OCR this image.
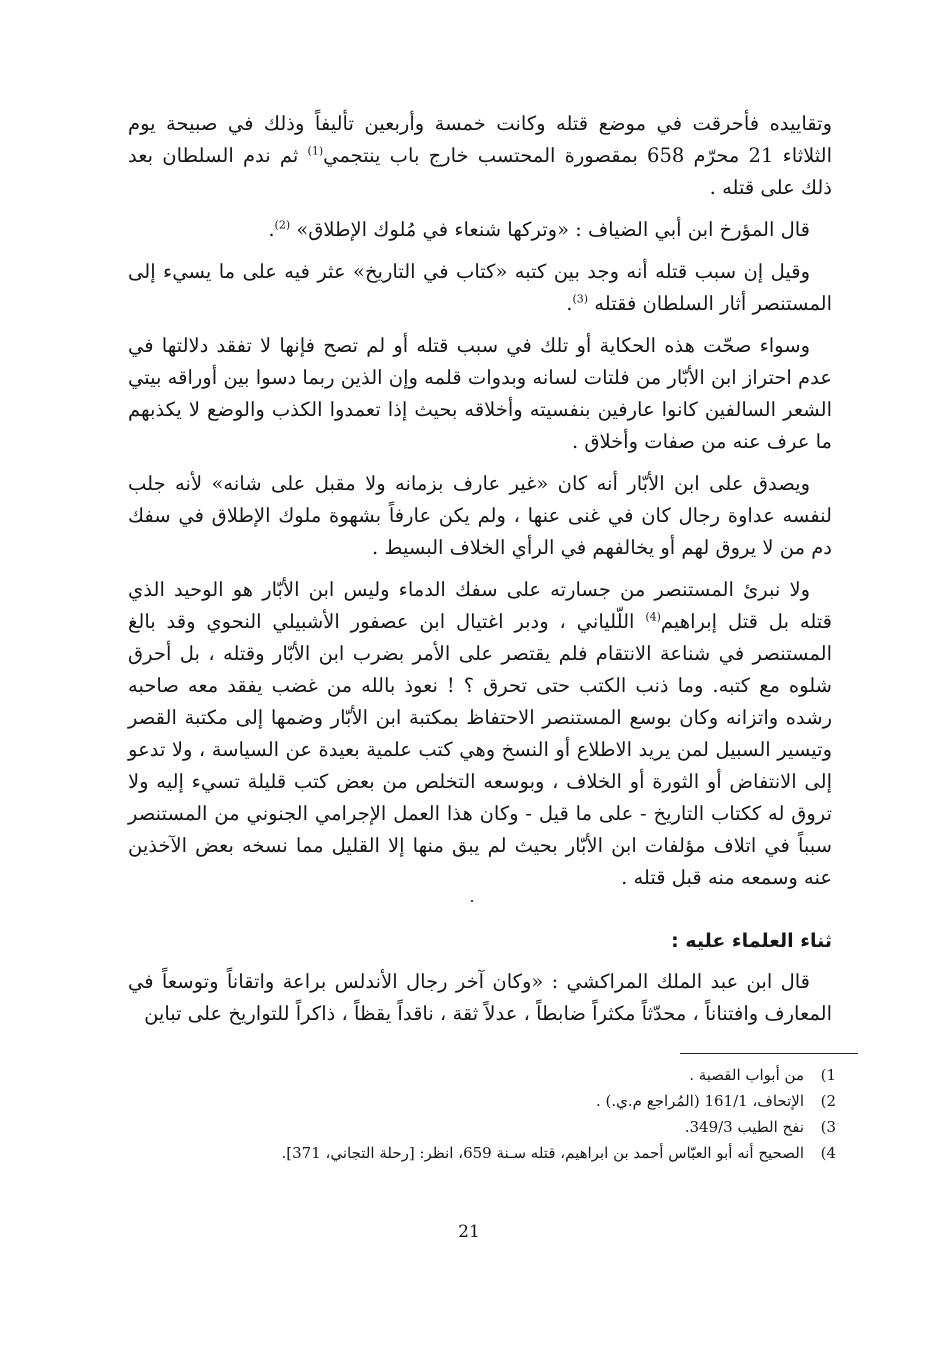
وتقاييده فأحرقت في موضع قتله وكانت خمسة وأربعين تأليفاً وذلك في صبيحة يوم الثلاثاء 21 محرّم 658 بمقصورة المحتسب خارج باب ينتجمي$^{(1)}$ ثم ندم السلطان بعد ذلك على قتله .

قال المؤرخ ابن أبي الضياف : «وتركها شنعاء في مُلوك الإطلاق» $^{(2)}$.

وقيل إن سبب قتله أنه وجد بين كتبه «كتاب في التاريخ» عثر فيه على ما يسيء إلى المستنصر أثار السلطان فقتله $^{(3)}$.

وسواء صحّت هذه الحكاية أو تلك في سبب قتله أو لم تصح فإنها لا تفقد دلالتها في عدم احتراز ابن الأبّار من فلتات لسانه وبدوات قلمه وإن الذين ربما دسوا بين أوراقه بيتي الشعر السالفين كانوا عارفين بنفسيته وأخلاقه بحيث إذا تعمدوا الكذب والوضع لا يكذبهم ما عرف عنه من صفات وأخلاق .

ويصدق على ابن الأبّار أنه كان «غير عارف بزمانه ولا مقبل على شانه» لأنه جلب لنفسه عداوة رجال كان في غنى عنها ، ولم يكن عارفاً بشهوة ملوك الإطلاق في سفك دم من لا يروق لهم أو يخالفهم في الرأي الخلاف البسيط .

ولا نبرئ المستنصر من جسارته على سفك الدماء وليس ابن الأبّار هو الوحيد الذي قتله بل قتل إبراهيم$^{(4)}$ اللّلياني ، ودبر اغتيال ابن عصفور الأشبيلي النحوي وقد بالغ المستنصر في شناعة الانتقام فلم يقتصر على الأمر بضرب ابن الأبّار وقتله ، بل أحرق شلوه مع كتبه. وما ذنب الكتب حتى تحرق ؟ ! نعوذ بالله من غضب يفقد معه صاحبه رشده واتزانه وكان بوسع المستنصر الاحتفاظ بمكتبة ابن الأبّار وضمها إلى مكتبة القصر وتيسير السبيل لمن يريد الاطلاع أو النسخ وهي كتب علمية بعيدة عن السياسة ، ولا تدعو إلى الانتفاض أو الثورة أو الخلاف ، وبوسعه التخلص من بعض كتب قليلة تسيء إليه ولا تروق له ككتاب التاريخ - على ما قيل - وكان هذا العمل الإجرامي الجنوني من المستنصر سبباً في اتلاف مؤلفات ابن الأبّار بحيث لم يبق منها إلا القليل مما نسخه بعض الآخذين عنه وسمعه منه قبل قتله .

ثناء العلماء عليه :

قال ابن عبد الملك المراكشي : «وكان آخر رجال الأندلس براعة واتقاناً وتوسعاً في المعارف وافتناناً ، محدّثاً مكثراً ضابطاً ، عدلاً ثقة ، ناقداً يقظاً ، ذاكراً للتواريخ على تباين

1)
من أبواب القصبة .
2)
الإتحاف، 161/1 (المُراجع م.ي.) .
3)
نفح الطيب 349/3.
4)
الصحيح أنه أبو العبّاس أحمد بن ابراهيم، قتله سـنة 659، انظر: [رحلة التجاني، 371].
21
